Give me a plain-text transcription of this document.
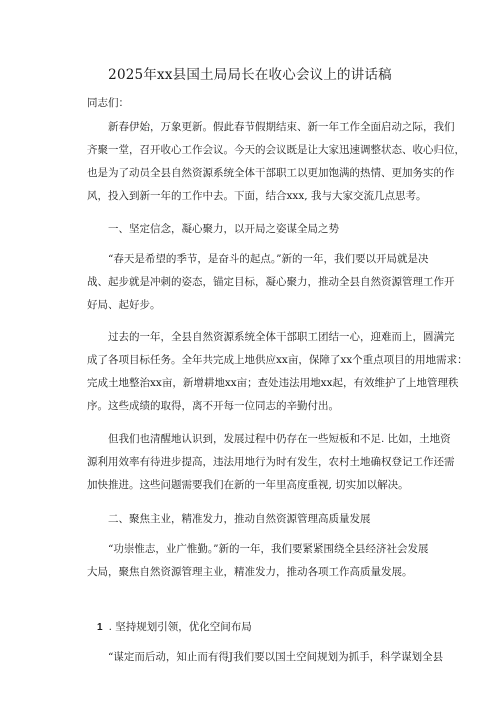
2025年xx县国土局局长在收心会议上的讲话稿
同志们：
新春伊始，万象更新。假此春节假期结束、新一年工作全面启动之际，我们
齐聚一堂，召开收心工作会议。今天的会议既是让大家迅速调整状态、收心归位，
也是为了动员全县自然资源系统全体干部职工以更加饱满的热情、更加务实的作
风，投入到新一年的工作中去。下面，结合xxx, 我与大家交流几点思考。
一、坚定信念，凝心聚力，以开局之姿谋全局之势
“春天是希望的季节，是奋斗的起点。”新的一年，我们要以开局就是决
战、起步就是冲刺的姿态，锚定目标，凝心聚力，推动全县自然资源管理工作开
好局、起好步。
过去的一年，全县自然资源系统全体干部职工团结一心，迎难而上，圆满完
成了各项目标任务。全年共完成上地供应xx亩，保障了xx个重点项目的用地需求：
完成土地整治xx亩，新增耕地xx亩；查处违法用地xx起，有效维护了上地管理秩
序。这些成绩的取得，离不开每一位同志的辛勤付出。
但我们也清醒地认识到，发展过程中仍存在一些短板和不足. 比如，土地资
源利用效率有待进步提高，违法用地行为时有发生，农村土地确权登记工作还需
加快推进。这些问题需要我们在新的一年里高度重视, 切实加以解决。
二、聚焦主业，精准发力，推动自然资源管理高质量发展
“功崇惟志，业广惟勤。”新的一年，我们要紧紧围绕全县经济社会发展
大局，聚焦自然资源管理主业，精准发力，推动各项工作高质量发展。
1 . 坚持规划引领，优化空间布局
“谋定而后动，知止而有得J我们要以国土空间规划为抓手，科学谋划全县
